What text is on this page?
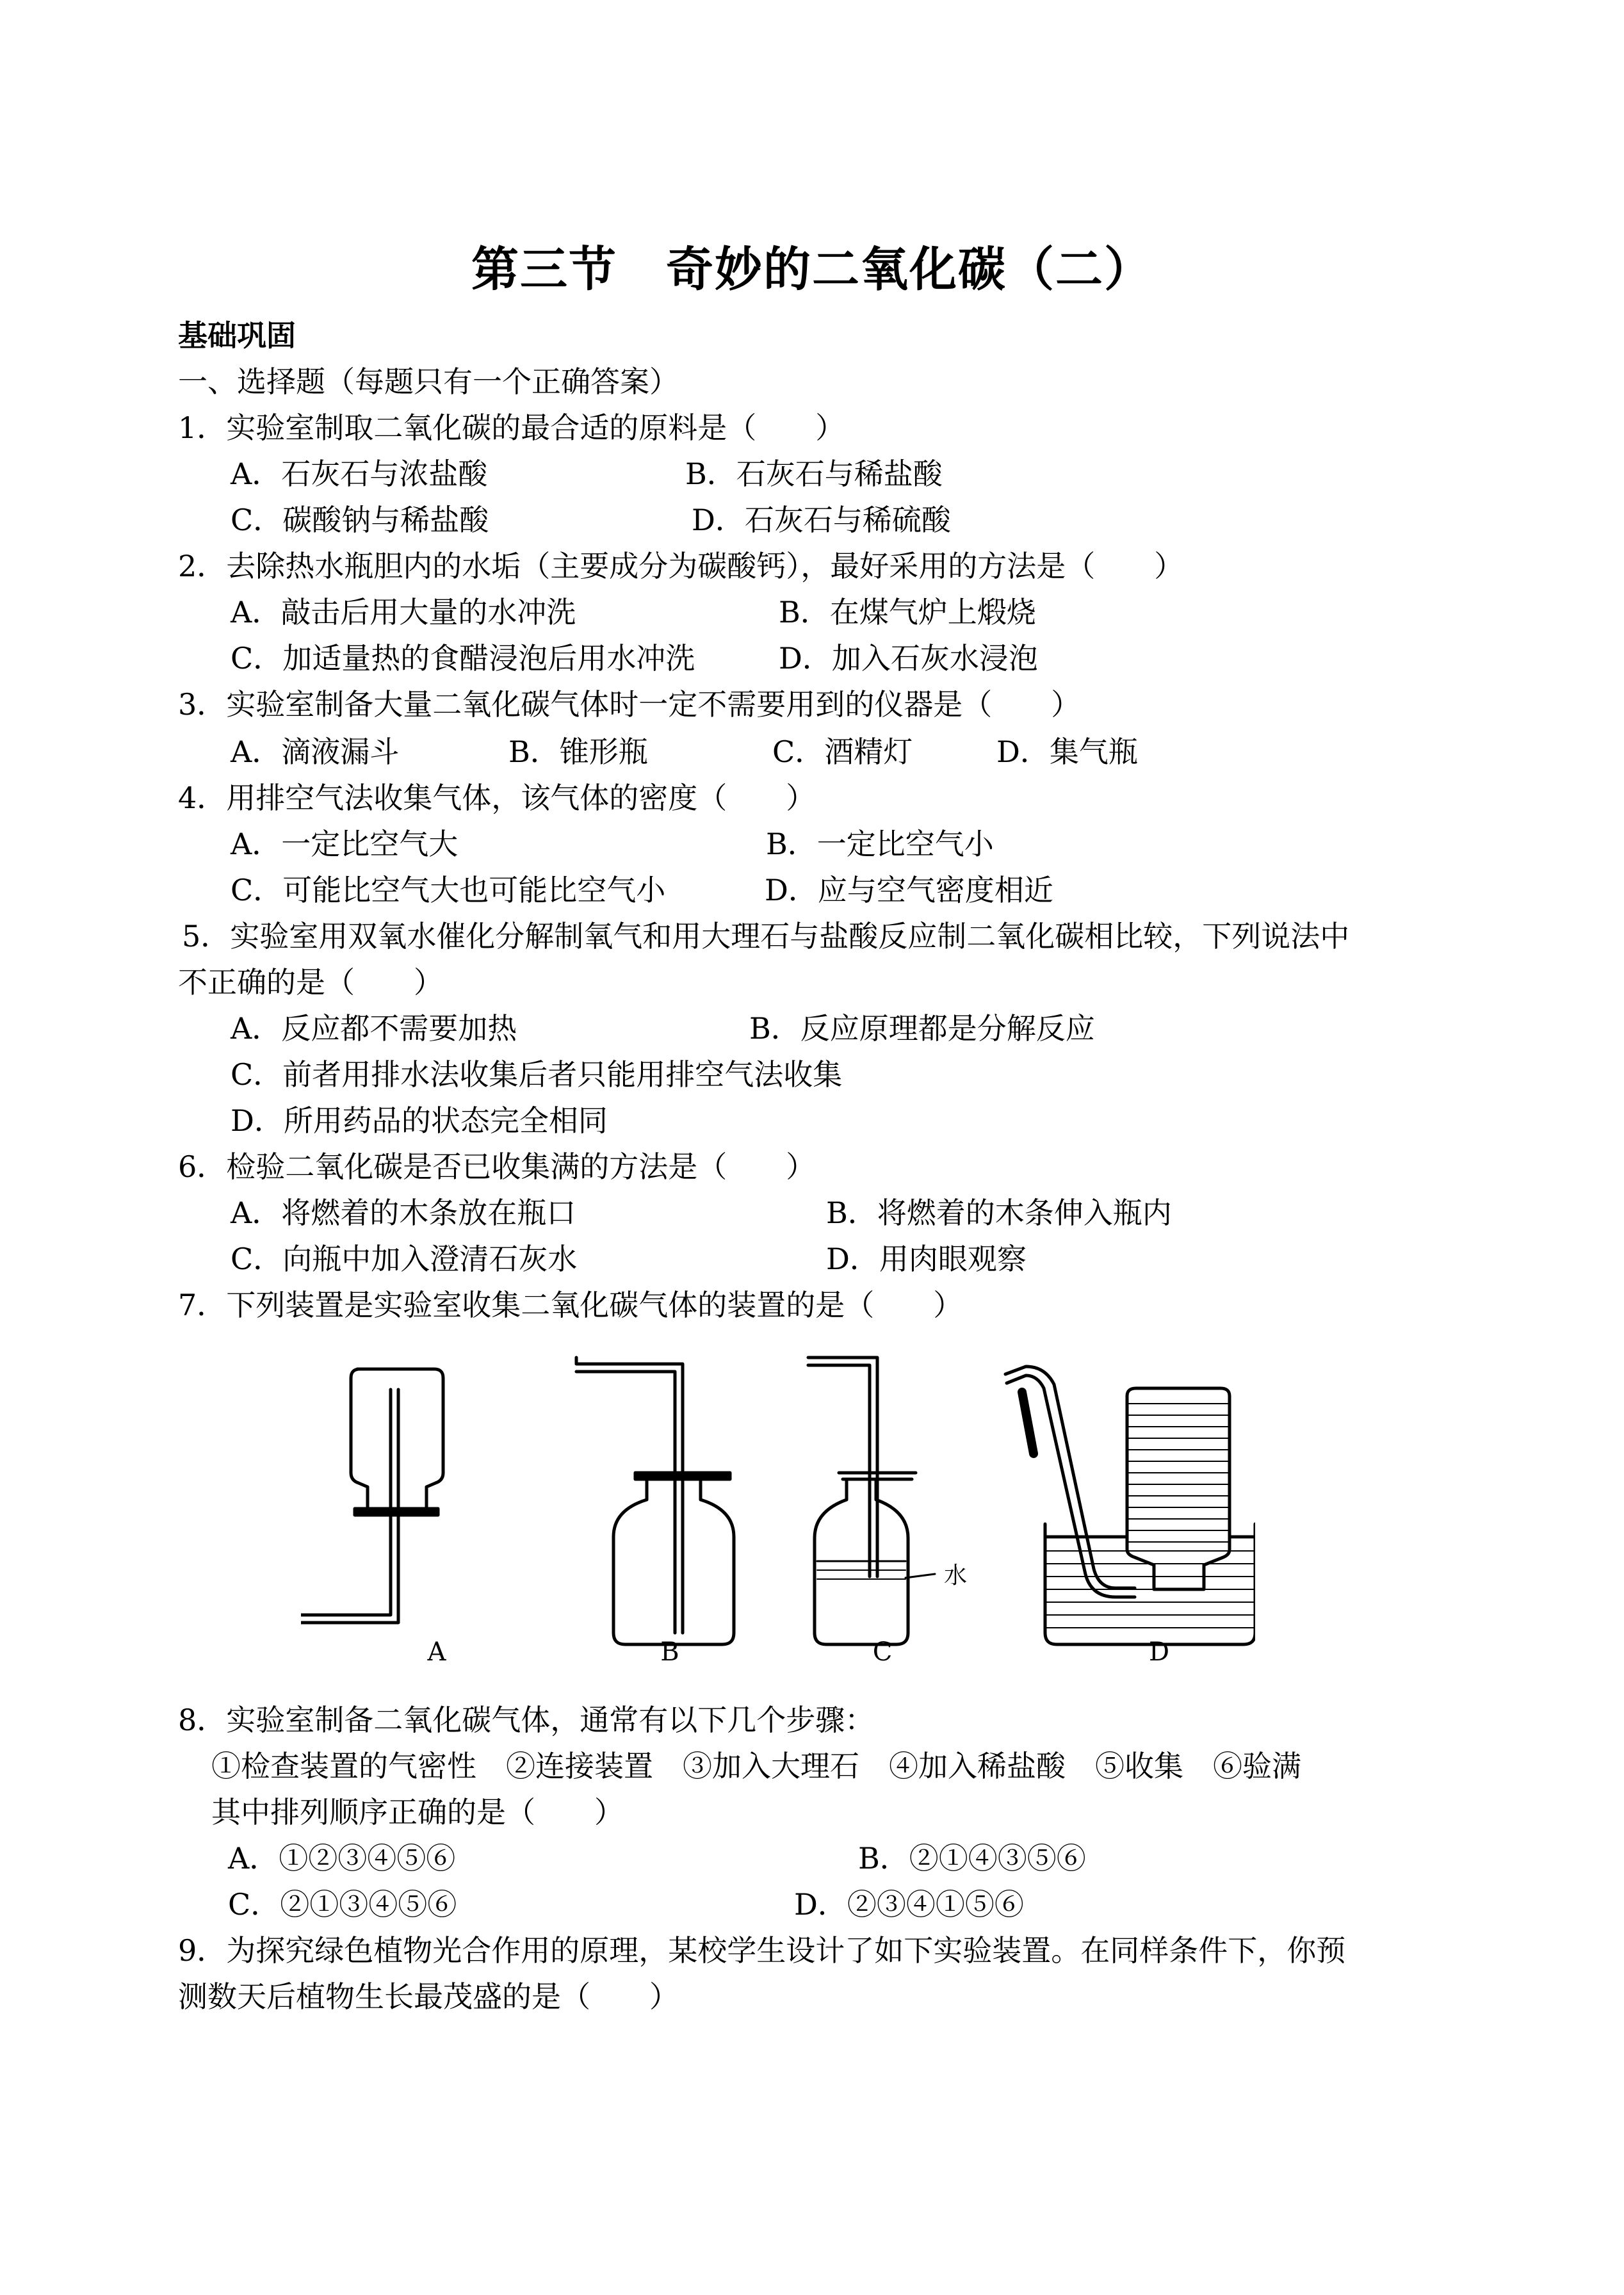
第三节　奇妙的二氧化碳（二）
基础巩固
一、选择题（每题只有一个正确答案）
1．实验室制取二氧化碳的最合适的原料是（　　）
A．石灰石与浓盐酸	B．石灰石与稀盐酸
C．碳酸钠与稀盐酸	D．石灰石与稀硫酸
2．去除热水瓶胆内的水垢（主要成分为碳酸钙），最好采用的方法是（　　）
A．敲击后用大量的水冲洗	B．在煤气炉上煅烧
C．加适量热的食醋浸泡后用水冲洗	D．加入石灰水浸泡
3．实验室制备大量二氧化碳气体时一定不需要用到的仪器是（　　）
A．滴液漏斗	B．锥形瓶	C．酒精灯	D．集气瓶
4．用排空气法收集气体，该气体的密度（　　）
A．一定比空气大	B．一定比空气小
C．可能比空气大也可能比空气小	D．应与空气密度相近
5．实验室用双氧水催化分解制氧气和用大理石与盐酸反应制二氧化碳相比较，下列说法中
不正确的是（　　）
A．反应都不需要加热	B．反应原理都是分解反应
C．前者用排水法收集后者只能用排空气法收集
D．所用药品的状态完全相同
6．检验二氧化碳是否已收集满的方法是（　　）
A．将燃着的木条放在瓶口	B．将燃着的木条伸入瓶内
C．向瓶中加入澄清石灰水	D．用肉眼观察
7．下列装置是实验室收集二氧化碳气体的装置的是（　　）
A	B	C	D
水
8．实验室制备二氧化碳气体，通常有以下几个步骤：
①检查装置的气密性　②连接装置　③加入大理石　④加入稀盐酸　⑤收集　⑥验满
其中排列顺序正确的是（　　）
A．①②③④⑤⑥	B．②①④③⑤⑥
C．②①③④⑤⑥	D．②③④①⑤⑥
9．为探究绿色植物光合作用的原理，某校学生设计了如下实验装置。在同样条件下，你预
测数天后植物生长最茂盛的是（　　）
